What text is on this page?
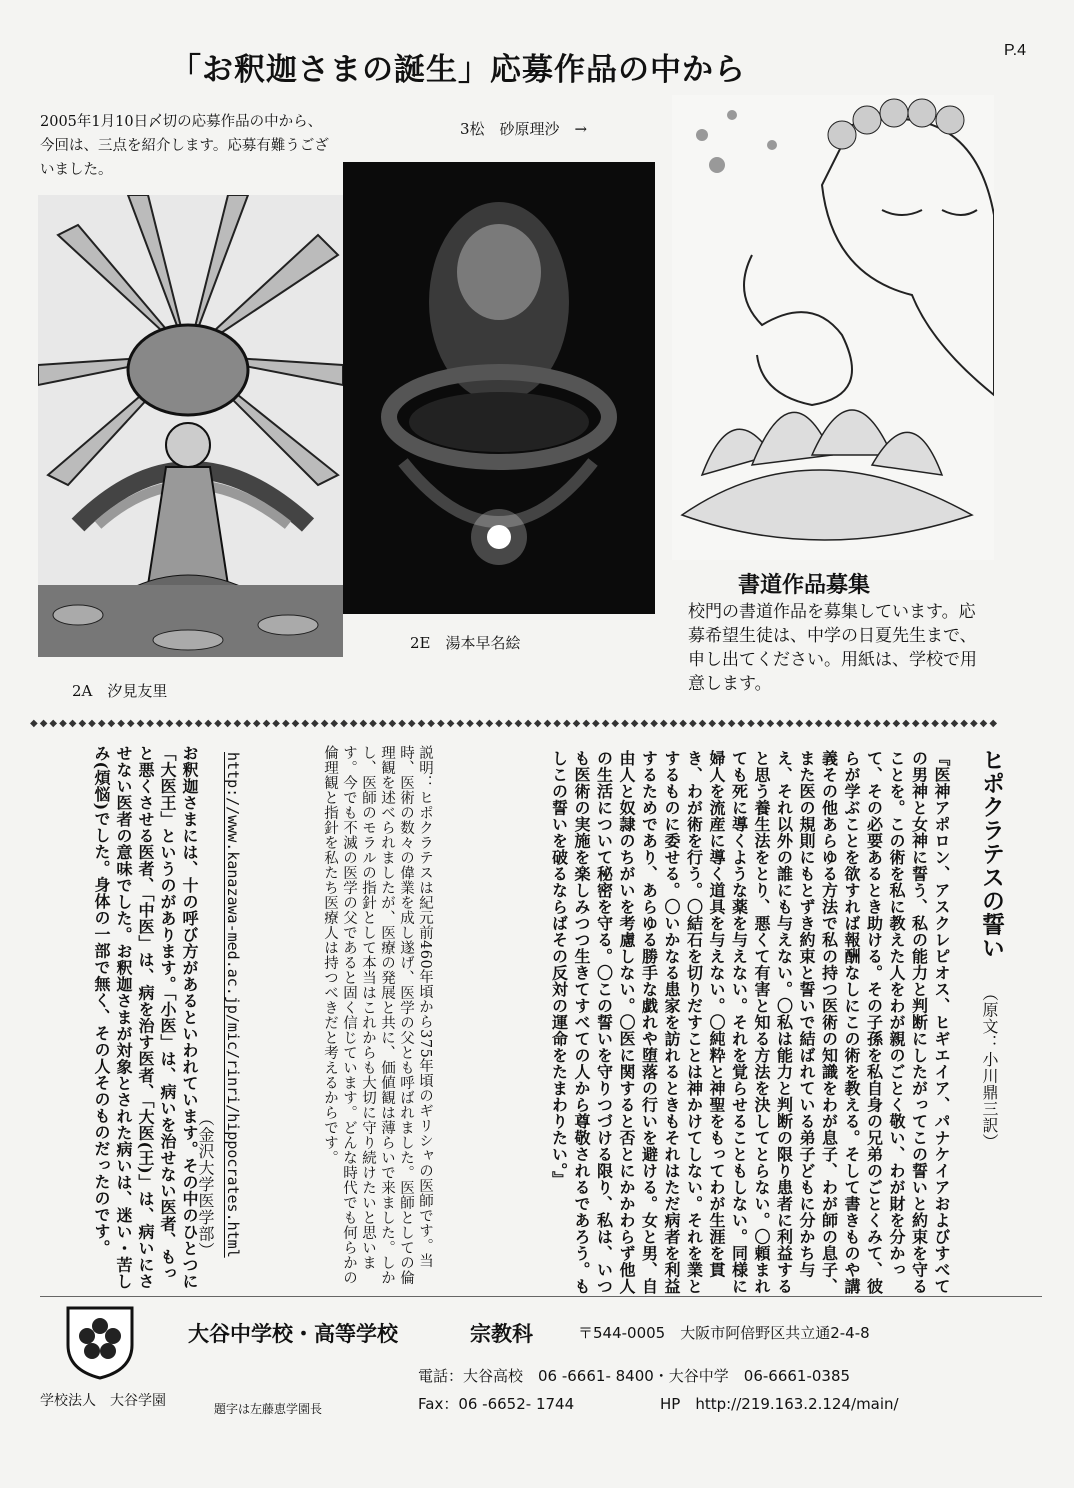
「お釈迦さまの誕生」応募作品の中から
P.4
2005年1月10日〆切の応募作品の中から、今回は、三点を紹介します。応募有難うございました。
2A　汐見友里
2E　湯本早名絵
3松　砂原理沙　→
書道作品募集
校門の書道作品を募集しています。応募希望生徒は、中学の日夏先生まで、申し出てください。用紙は、学校で用意します。
◆◆◆◆◆◆◆◆◆◆◆◆◆◆◆◆◆◆◆◆◆◆◆◆◆◆◆◆◆◆◆◆◆◆◆◆◆◆◆◆◆◆◆◆◆◆◆◆◆◆◆◆◆◆◆◆◆◆◆◆◆◆◆◆◆◆◆◆◆◆◆◆◆◆◆◆◆◆◆◆◆◆◆◆◆◆◆◆◆◆◆◆◆◆◆◆◆◆◆◆
ヒポクラテスの誓い
（原文：小川鼎三訳）
『医神アポロン、アスクレピオス、ヒギエイア、パナケイアおよびすべての男神と女神に誓う、私の能力と判断にしたがってこの誓いと約束を守ることを。この術を私に教えた人をわが親のごとく敬い、わが財を分かって、その必要あるとき助ける。その子孫を私自身の兄弟のごとくみて、彼らが学ぶことを欲すれば報酬なしにこの術を教える。そして書きものや講義その他あらゆる方法で私の持つ医術の知識をわが息子、わが師の息子、また医の規則にもとずき約束と誓いで結ばれている弟子どもに分かち与え、それ以外の誰にも与えない。〇私は能力と判断の限り患者に利益すると思う養生法をとり、悪くて有害と知る方法を決してとらない。〇頼まれても死に導くような薬を与えない。それを覚らせることもしない。同様に婦人を流産に導く道具を与えない。〇純粋と神聖をもってわが生涯を貫き、わが術を行う。〇結石を切りだすことは神かけてしない。それを業とするものに委せる。〇いかなる患家を訪れるときもそれはただ病者を利益するためであり、あらゆる勝手な戯れや堕落の行いを避ける。女と男、自由人と奴隷のちがいを考慮しない。〇医に関すると否とにかかわらず他人の生活について秘密を守る。〇この誓いを守りつづける限り、私は、いつも医術の実施を楽しみつつ生きてすべての人から尊敬されるであろう。もしこの誓いを破るならばその反対の運命をたまわりたい。』
説明：ヒポクラテスは紀元前460年頃から375年頃のギリシャの医師です。当時、医術の数々の偉業を成し遂げ、医学の父とも呼ばれました。医師としての倫理観を述べられましたが、医療の発展と共に、価値観は薄らいで来ました。しかし、医師のモラルの指針として本当はこれからも大切に守り続けたいと思います。今でも不滅の医学の父であると固く信じています。どんな時代でも何らかの倫理観と指針を私たち医療人は持つべきだと考えるからです。
http://www.kanazawa-med.ac.jp/mic/rinri/hippocrates.html
（金沢大学医学部）
お釈迦さまには、十の呼び方があるといわれています。その中のひとつに「大医王」というのがあります。「小医」は、病いを治せない医者、もっと悪くさせる医者、「中医」は、病を治す医者、「大医(王)」は、病いにさせない医者の意味でした。お釈迦さまが対象とされた病いは、迷い・苦しみ(煩悩)でした。身体の一部で無く、その人そのものだったのです。
大谷中学校・高等学校	宗教科	〒544-0005　大阪市阿倍野区共立通2-4-8
電話：大谷高校　06 -6661- 8400・大谷中学　06-6661-0385
Fax：06 -6652- 1744	HP　http://219.163.2.124/main/
学校法人　大谷学園	題字は左藤恵学園長
